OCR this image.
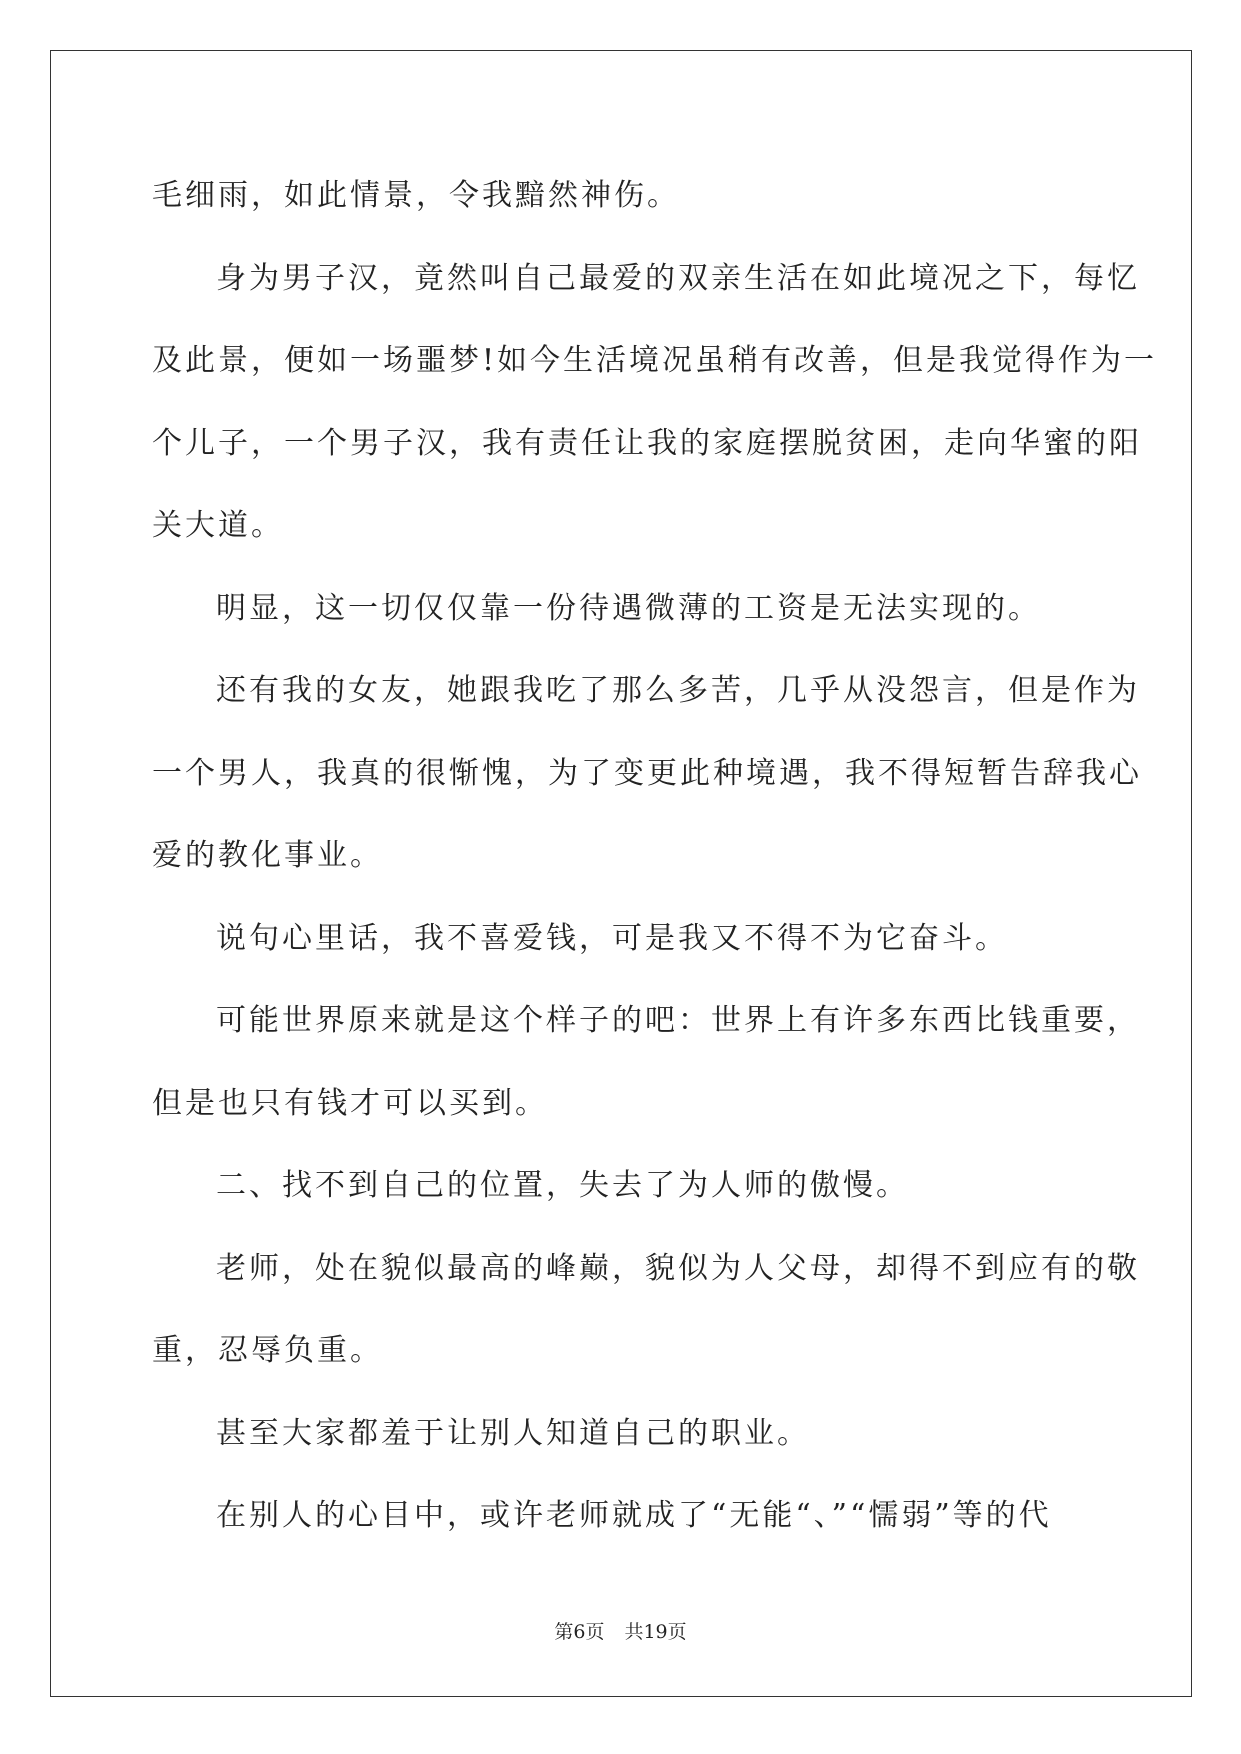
毛细雨，如此情景，令我黯然神伤。
身为男子汉，竟然叫自己最爱的双亲生活在如此境况之下，每忆
及此景，便如一场噩梦!如今生活境况虽稍有改善，但是我觉得作为一
个儿子，一个男子汉，我有责任让我的家庭摆脱贫困，走向华蜜的阳
关大道。
明显，这一切仅仅靠一份待遇微薄的工资是无法实现的。
还有我的女友，她跟我吃了那么多苦，几乎从没怨言，但是作为
一个男人，我真的很惭愧，为了变更此种境遇，我不得短暂告辞我心
爱的教化事业。
说句心里话，我不喜爱钱，可是我又不得不为它奋斗。
可能世界原来就是这个样子的吧：世界上有许多东西比钱重要，
但是也只有钱才可以买到。
二、找不到自己的位置，失去了为人师的傲慢。
老师，处在貌似最高的峰巅，貌似为人父母，却得不到应有的敬
重，忍辱负重。
甚至大家都羞于让别人知道自己的职业。
在别人的心目中，或许老师就成了“无能“、”“懦弱”等的代
第6页 共19页
